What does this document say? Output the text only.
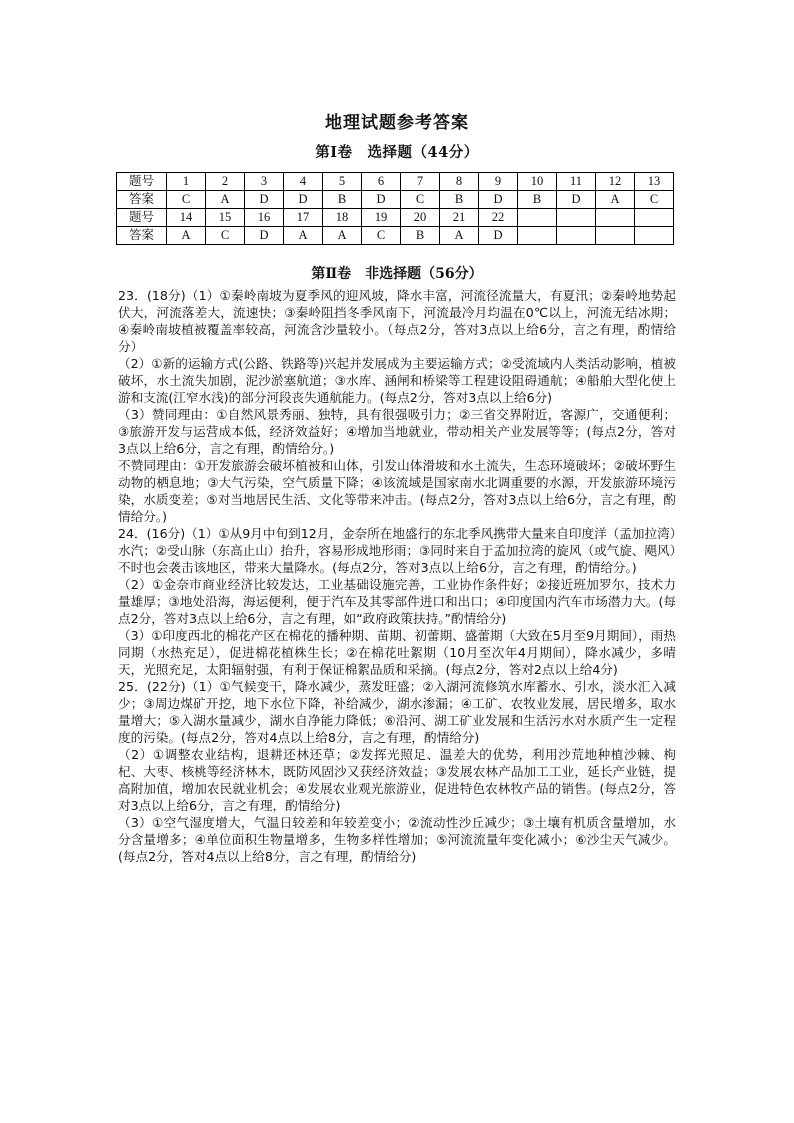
地理试题参考答案
第Ⅰ卷　选择题（44分）
题号	1	2	3	4	5	6	7	8	9	10	11	12	13
答案	C	A	D	D	B	D	C	B	D	B	D	A	C
题号	14	15	16	17	18	19	20	21	22				
答案	A	C	D	A	A	C	B	A	D				
第Ⅱ卷　非选择题（56分）

23．(18分)（1）①秦岭南坡为夏季风的迎风坡，降水丰富，河流径流量大，有夏汛；②秦岭地势起伏大，河流落差大，流速快；③秦岭阻挡冬季风南下，河流最冷月均温在0℃以上，河流无结冰期；④秦岭南坡植被覆盖率较高，河流含沙量较小。（每点2分，答对3点以上给6分，言之有理，酌情给分）

（2）①新的运输方式(公路、铁路等)兴起并发展成为主要运输方式；②受流域内人类活动影响，植被破坏，水土流失加剧，泥沙淤塞航道；③水库、涵闸和桥梁等工程建设阻碍通航；④船舶大型化使上游和支流(江窄水浅)的部分河段丧失通航能力。(每点2分，答对3点以上给6分)

（3）赞同理由：①自然风景秀丽、独特，具有很强吸引力；②三省交界附近，客源广，交通便利；③旅游开发与运营成本低，经济效益好；④增加当地就业，带动相关产业发展等等；(每点2分，答对3点以上给6分，言之有理，酌情给分。)

不赞同理由：①开发旅游会破坏植被和山体，引发山体滑坡和水土流失，生态环境破坏；②破坏野生动物的栖息地；③大气污染，空气质量下降；④该流域是国家南水北调重要的水源，开发旅游环境污染，水质变差；⑤对当地居民生活、文化等带来冲击。(每点2分，答对3点以上给6分，言之有理，酌情给分。)

24．(16分)（1）①从9月中旬到12月，金奈所在地盛行的东北季风携带大量来自印度洋（孟加拉湾）水汽；②受山脉（东高止山）抬升，容易形成地形雨；③同时来自于孟加拉湾的旋风（或气旋、飓风）不时也会袭击该地区，带来大量降水。(每点2分，答对3点以上给6分，言之有理，酌情给分。)

（2）①金奈市商业经济比较发达，工业基础设施完善，工业协作条件好；②接近班加罗尔，技术力量雄厚；③地处沿海，海运便利，便于汽车及其零部件进口和出口；④印度国内汽车市场潜力大。(每点2分，答对3点以上给6分，言之有理，如“政府政策扶持。”酌情给分)

（3）①印度西北的棉花产区在棉花的播种期、苗期、初蕾期、盛蕾期（大致在5月至9月期间），雨热同期（水热充足），促进棉花植株生长；②在棉花吐絮期（10月至次年4月期间），降水减少，多晴天，光照充足，太阳辐射强，有利于保证棉絮品质和采摘。(每点2分，答对2点以上给4分)

25．(22分)（1）①气候变干，降水减少，蒸发旺盛；②入湖河流修筑水库蓄水、引水，淡水汇入减少；③周边煤矿开挖，地下水位下降，补给减少，湖水渗漏；④工矿、农牧业发展，居民增多，取水量增大；⑤入湖水量减少，湖水自净能力降低；⑥沿河、湖工矿业发展和生活污水对水质产生一定程度的污染。(每点2分，答对4点以上给8分，言之有理，酌情给分)

（2）①调整农业结构，退耕还林还草；②发挥光照足、温差大的优势，利用沙荒地种植沙棘、枸杞、大枣、核桃等经济林木，既防风固沙又获经济效益；③发展农林产品加工工业，延长产业链，提高附加值，增加农民就业机会；④发展农业观光旅游业，促进特色农林牧产品的销售。(每点2分，答对3点以上给6分，言之有理，酌情给分)

（3）①空气湿度增大，气温日较差和年较差变小；②流动性沙丘减少；③土壤有机质含量增加，水分含量增多；④单位面积生物量增多，生物多样性增加；⑤河流流量年变化减小；⑥沙尘天气减少。(每点2分，答对4点以上给8分，言之有理，酌情给分)
